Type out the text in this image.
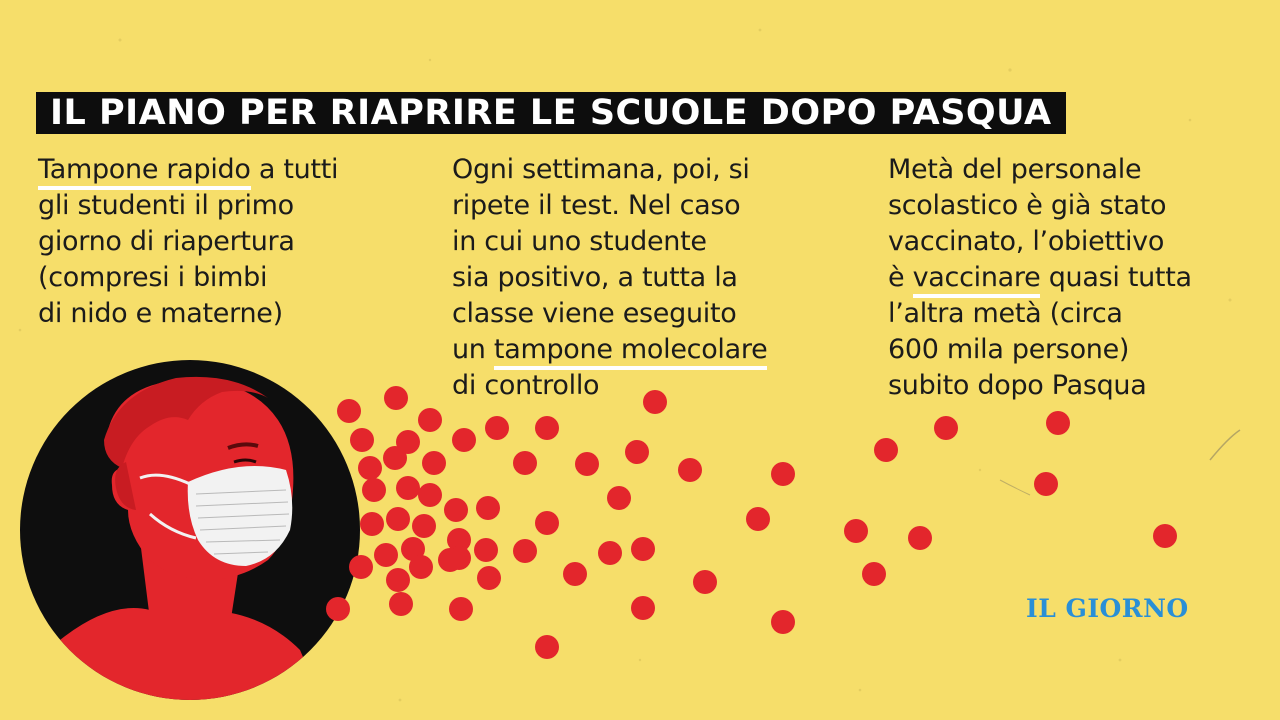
IL PIANO PER RIAPRIRE LE SCUOLE DOPO PASQUA
Tampone rapido a tutti
gli studenti il primo
giorno di riapertura
(compresi i bimbi
di nido e materne)
Ogni settimana, poi, si
ripete il test. Nel caso
in cui uno studente
sia positivo, a tutta la
classe viene eseguito
un tampone molecolare
di controllo
Metà del personale
scolastico è già stato
vaccinato, l’obiettivo
è vaccinare quasi tutta
l’altra metà (circa
600 mila persone)
subito dopo Pasqua
IL GIORNO
